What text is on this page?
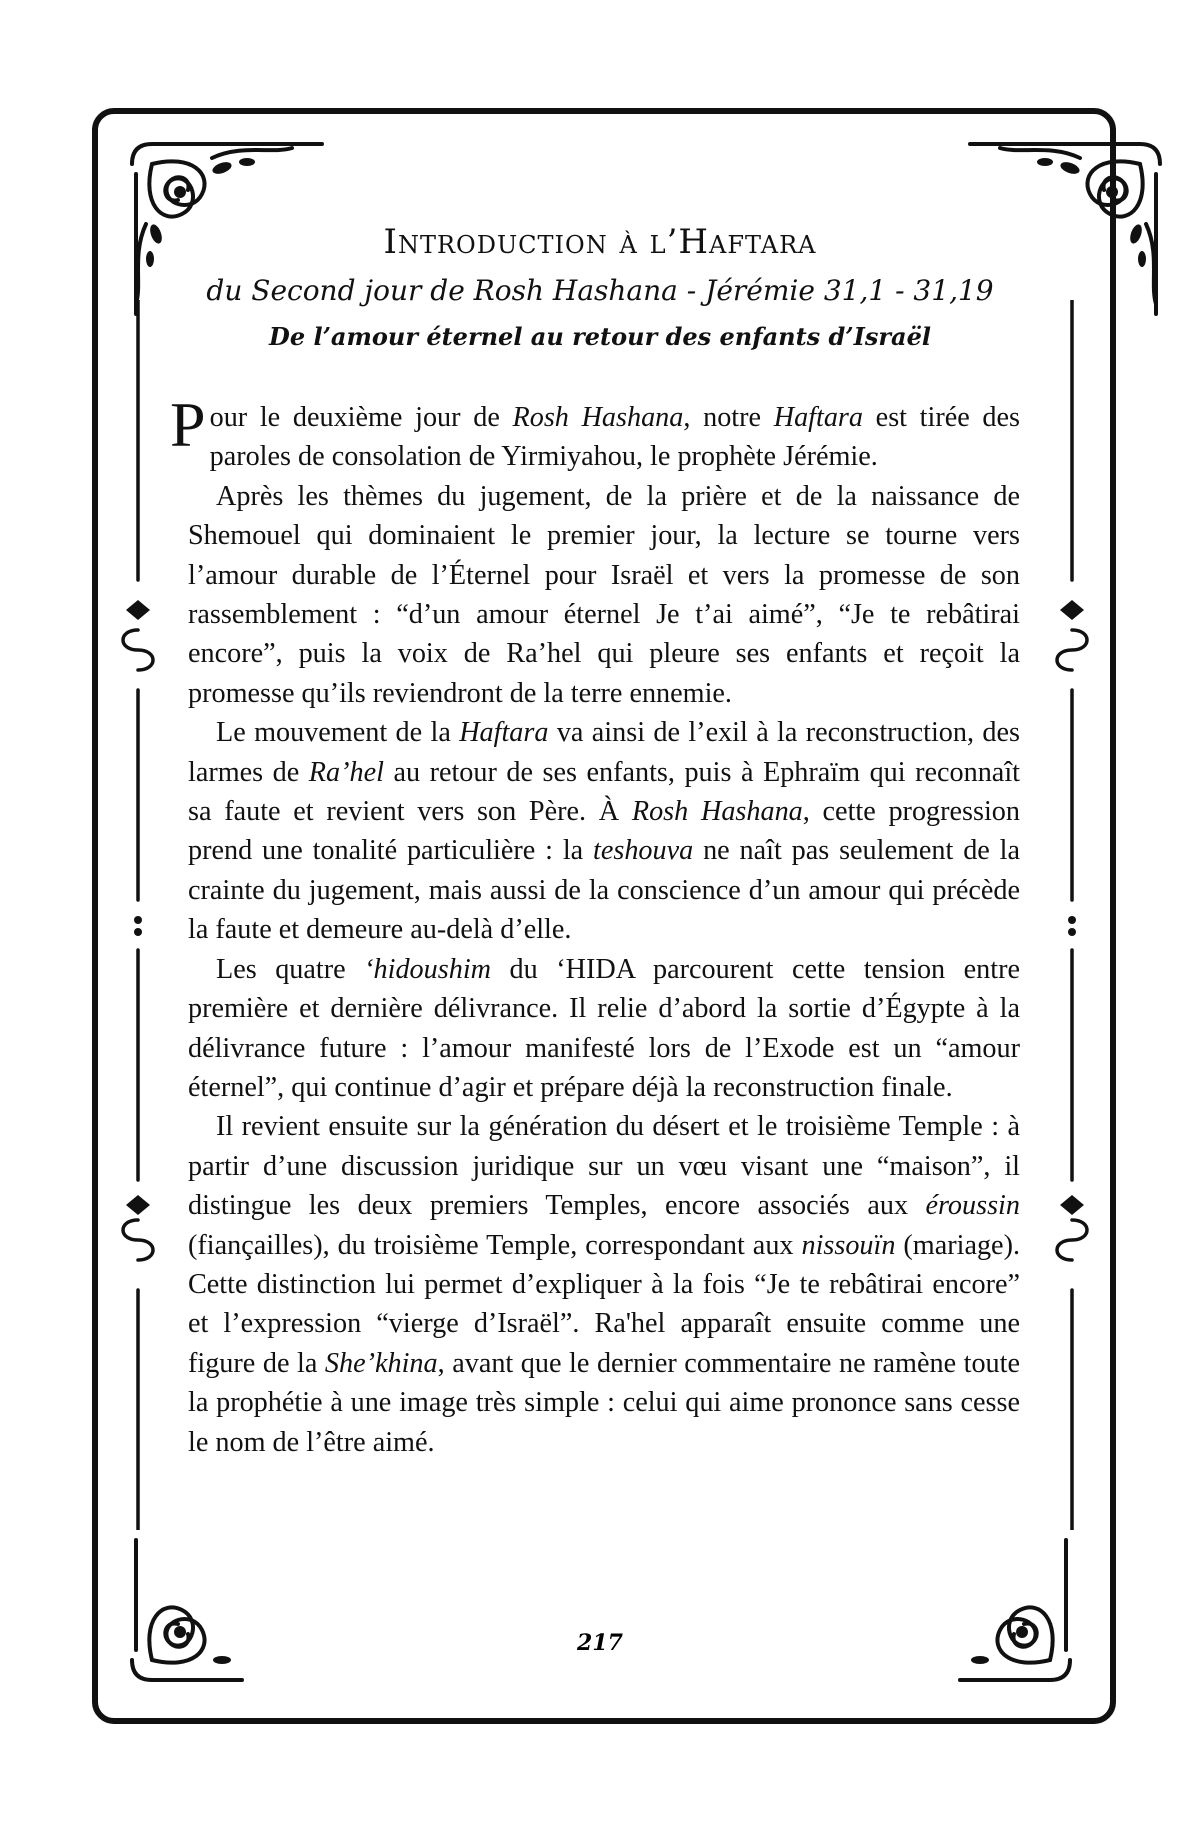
Introduction à l’Haftara
du Second jour de Rosh Hashana - Jérémie 31,1 - 31,19
De l’amour éternel au retour des enfants d’Israël

Pour le deuxième jour de Rosh Hashana, notre Haftara est tirée des paroles de consolation de Yirmiyahou, le prophète Jérémie.

Après les thèmes du jugement, de la prière et de la naissance de Shemouel qui dominaient le premier jour, la lecture se tourne vers l’amour durable de l’Éternel pour Israël et vers la promesse de son rassemblement : “d’un amour éternel Je t’ai aimé”, “Je te rebâtirai encore”, puis la voix de Ra’hel qui pleure ses enfants et reçoit la promesse qu’ils reviendront de la terre ennemie.

Le mouvement de la Haftara va ainsi de l’exil à la reconstruction, des larmes de Ra’hel au retour de ses enfants, puis à Ephraïm qui reconnaît sa faute et revient vers son Père. À Rosh Hashana, cette progression prend une tonalité particulière : la teshouva ne naît pas seulement de la crainte du jugement, mais aussi de la conscience d’un amour qui précède la faute et demeure au-delà d’elle.

Les quatre ‘hidoushim du ‘HIDA parcourent cette tension entre première et dernière délivrance. Il relie d’abord la sortie d’Égypte à la délivrance future : l’amour manifesté lors de l’Exode est un “amour éternel”, qui continue d’agir et prépare déjà la reconstruction finale.

Il revient ensuite sur la génération du désert et le troisième Temple : à partir d’une discussion juridique sur un vœu visant une “maison”, il distingue les deux premiers Temples, encore associés aux éroussin (fiançailles), du troisième Temple, correspondant aux nissouïn (mariage). Cette distinction lui permet d’expliquer à la fois “Je te rebâtirai encore” et l’expression “vierge d’Israël”. Ra'hel apparaît ensuite comme une figure de la She’khina, avant que le dernier commentaire ne ramène toute la prophétie à une image très simple : celui qui aime prononce sans cesse le nom de l’être aimé.

217
